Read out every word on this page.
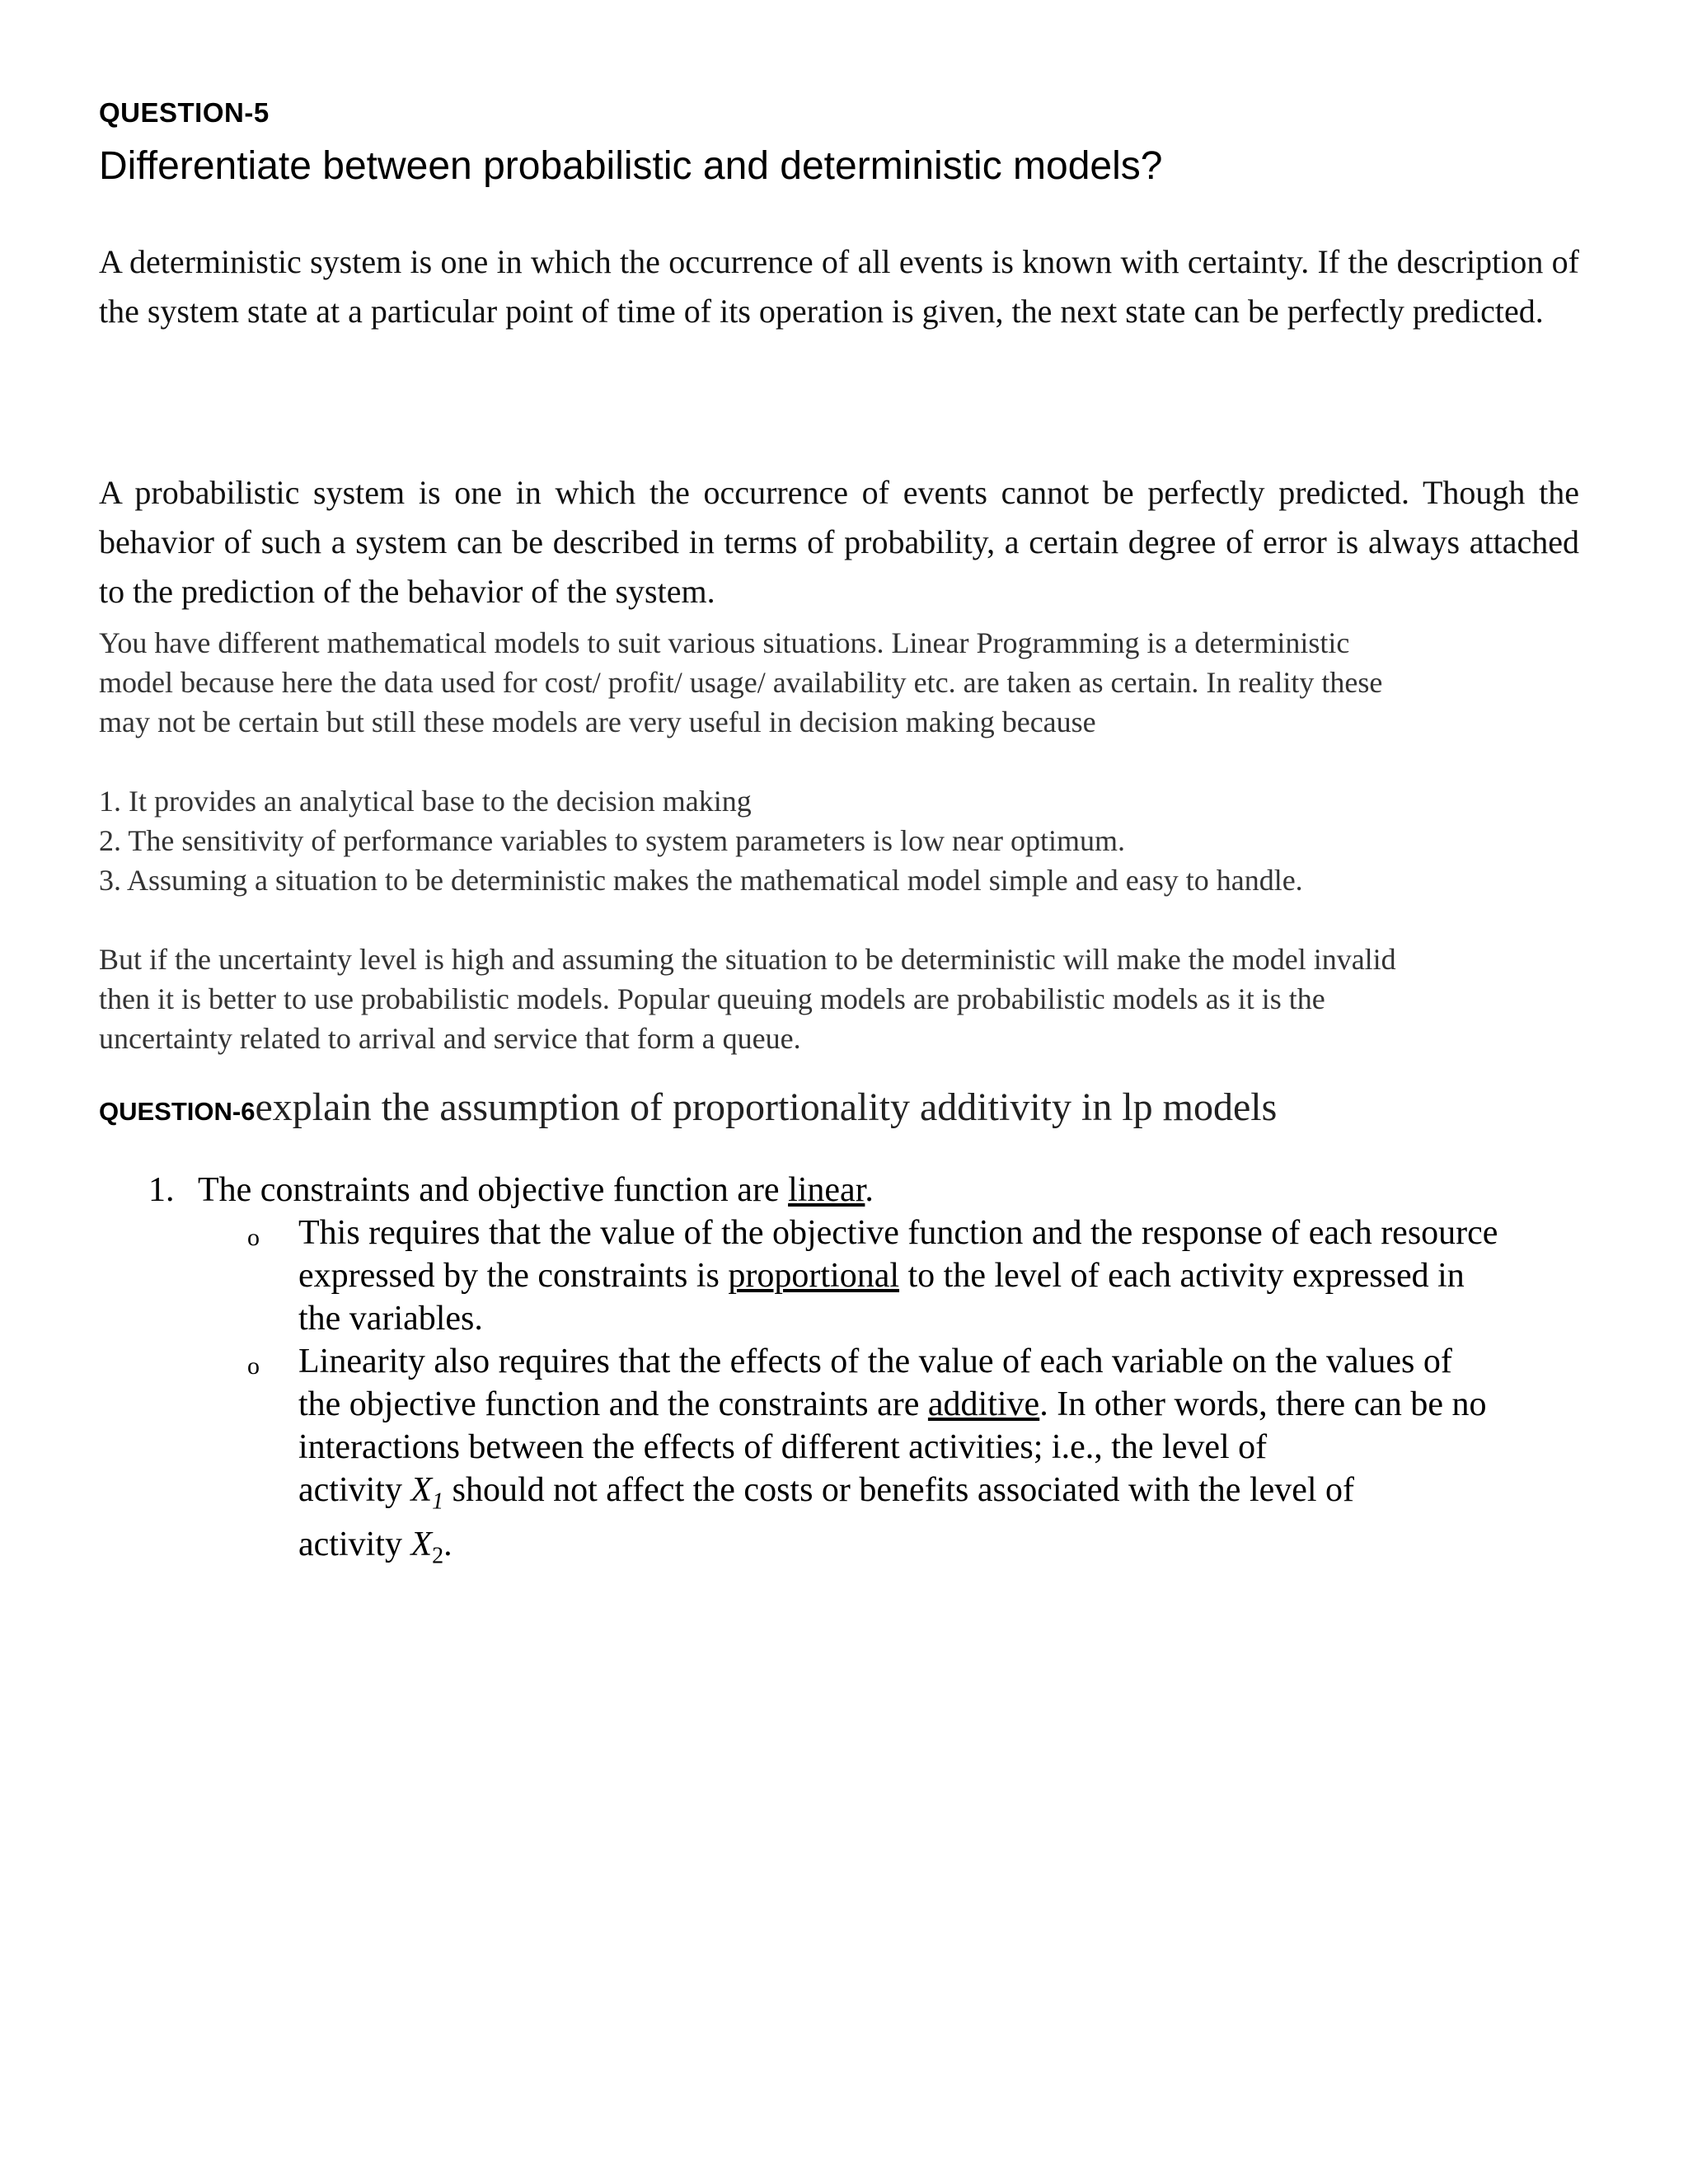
QUESTION-5
Differentiate between probabilistic and deterministic models?

A deterministic system is one in which the occurrence of all events is known with certainty. If the description of the system state at a particular point of time of its operation is given, the next state can be perfectly predicted.

A probabilistic system is one in which the occurrence of events cannot be perfectly predicted. Though the behavior of such a system can be described in terms of probability, a certain degree of error is always attached to the prediction of the behavior of the system.

You have different mathematical models to suit various situations. Linear Programming is a deterministic
model because here the data used for cost/ profit/ usage/ availability etc. are taken as certain. In reality these
may not be certain but still these models are very useful in decision making because
1. It provides an analytical base to the decision making
2. The sensitivity of performance variables to system parameters is low near optimum.
3. Assuming a situation to be deterministic makes the mathematical model simple and easy to handle.
But if the uncertainty level is high and assuming the situation to be deterministic will make the model invalid
then it is better to use probabilistic models. Popular queuing models are probabilistic models as it is the
uncertainty related to arrival and service that form a queue.
QUESTION-6explain the assumption of proportionality additivity in lp models
1. The constraints and objective function are linear.
o This requires that the value of the objective function and the response of each resource
expressed by the constraints is proportional to the level of each activity expressed in
the variables.
o Linearity also requires that the effects of the value of each variable on the values of
the objective function and the constraints are additive. In other words, there can be no
interactions between the effects of different activities; i.e., the level of
activity $X_1$ should not affect the costs or benefits associated with the level of
activity $X_2$.
